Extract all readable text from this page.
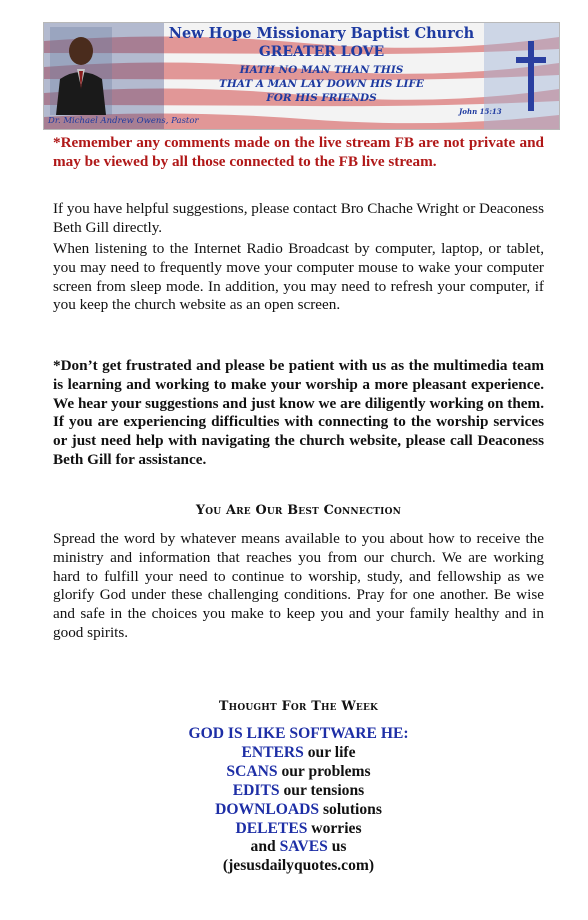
New Hope Missionary Baptist Church
GREATER LOVE
HATH NO MAN THAN THIS
THAT A MAN LAY DOWN HIS LIFE
FOR HIS FRIENDS
John 15:13
Dr. Michael Andrew Owens, Pastor

*Remember any comments made on the live stream FB are not private and may be viewed by all those connected to the FB live stream.

If you have helpful suggestions, please contact Bro Chache Wright or Deaconess Beth Gill directly.

When listening to the Internet Radio Broadcast by computer, laptop, or tablet, you may need to frequently move your computer mouse to wake your computer screen from sleep mode. In addition, you may need to refresh your computer, if you keep the church website as an open screen.

*Don’t get frustrated and please be patient with us as the multimedia team is learning and working to make your worship a more pleasant experience. We hear your suggestions and just know we are diligently working on them. If you are experiencing difficulties with connecting to the worship services or just need help with navigating the church website, please call Deaconess Beth Gill for assistance.

You Are Our Best Connection

Spread the word by whatever means available to you about how to receive the ministry and information that reaches you from our church. We are working hard to fulfill your need to continue to worship, study, and fellowship as we glorify God under these challenging conditions. Pray for one another. Be wise and safe in the choices you make to keep you and your family healthy and in good spirits.

Thought For The Week
GOD IS LIKE SOFTWARE HE:
ENTERS our life
SCANS our problems
EDITS our tensions
DOWNLOADS solutions
DELETES worries
and SAVES us
(jesusdailyquotes.com)
